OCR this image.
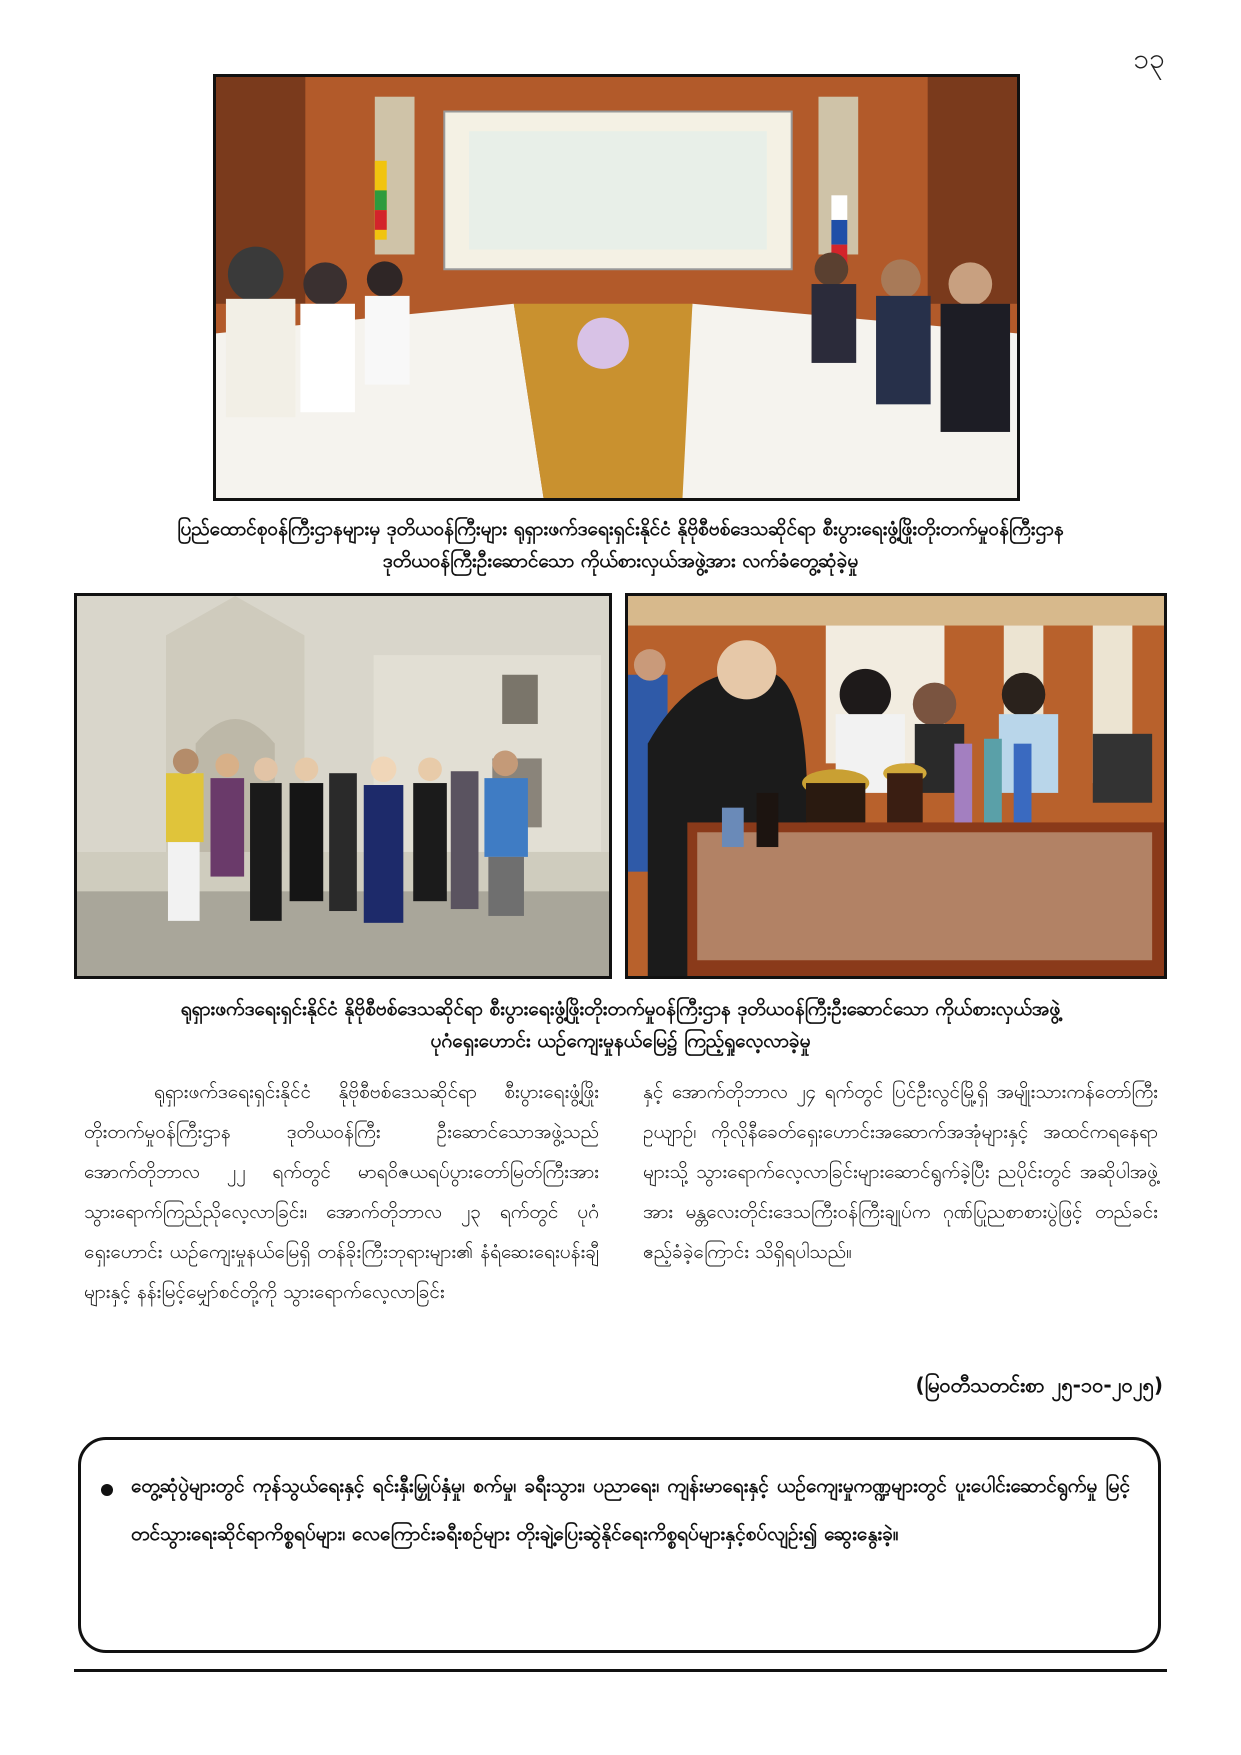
၁၃
ပြည်ထောင်စုဝန်ကြီးဌာနများမှ ဒုတိယဝန်ကြီးများ ရုရှားဖက်ဒရေးရှင်းနိုင်ငံ နိုဗိုစီဗစ်ဒေသဆိုင်ရာ စီးပွားရေးဖွံ့ဖြိုးတိုးတက်မှုဝန်ကြီးဌာန
ဒုတိယဝန်ကြီးဦးဆောင်သော ကိုယ်စားလှယ်အဖွဲ့အား လက်ခံတွေ့ဆုံခဲ့မှု
ရုရှားဖက်ဒရေးရှင်းနိုင်ငံ နိုဗိုစီဗစ်ဒေသဆိုင်ရာ စီးပွားရေးဖွံ့ဖြိုးတိုးတက်မှုဝန်ကြီးဌာန ဒုတိယဝန်ကြီးဦးဆောင်သော ကိုယ်စားလှယ်အဖွဲ့
ပုဂံရှေးဟောင်း ယဉ်ကျေးမှုနယ်မြေ၌ ကြည့်ရှုလေ့လာခဲ့မှု
ရုရှားဖက်ဒရေးရှင်းနိုင်ငံ နိုဗိုစီဗစ်ဒေသဆိုင်ရာ စီးပွားရေးဖွံ့ဖြိုးတိုးတက်မှုဝန်ကြီးဌာန ဒုတိယဝန်ကြီး ဦးဆောင်သောအဖွဲ့သည် အောက်တိုဘာလ ၂၂ ရက်တွင် မာရဝိဇယရပ်ပွားတော်မြတ်ကြီးအား သွားရောက်ကြည်ညိုလေ့လာခြင်း၊ အောက်တိုဘာလ ၂၃ ရက်တွင် ပုဂံရှေးဟောင်း ယဉ်ကျေးမှုနယ်မြေရှိ တန်ခိုးကြီးဘုရားများ၏ နံရံဆေးရေးပန်းချီများနှင့် နန်းမြင့်မျှော်စင်တို့ကို သွားရောက်လေ့လာခြင်း
နှင့် အောက်တိုဘာလ ၂၄ ရက်တွင် ပြင်ဦးလွင်မြို့ရှိ အမျိုးသားကန်တော်ကြီးဥယျာဉ်၊ ကိုလိုနီခေတ်ရှေးဟောင်းအဆောက်အအုံများနှင့် အထင်ကရနေရာများသို့ သွားရောက်လေ့လာခြင်းများဆောင်ရွက်ခဲ့ပြီး ညပိုင်းတွင် အဆိုပါအဖွဲ့အား မန္တလေးတိုင်းဒေသကြီးဝန်ကြီးချုပ်က ဂုဏ်ပြုညစာစားပွဲဖြင့် တည်ခင်းဧည့်ခံခဲ့ကြောင်း သိရှိရပါသည်။
(မြဝတီသတင်းစာ ၂၅-၁၀-၂၀၂၅)
တွေ့ဆုံပွဲများတွင် ကုန်သွယ်ရေးနှင့် ရင်းနှီးမြှုပ်နှံမှု၊ စက်မှု၊ ခရီးသွား၊ ပညာရေး၊ ကျန်းမာရေးနှင့် ယဉ်ကျေးမှုကဏ္ဍများတွင် ပူးပေါင်းဆောင်ရွက်မှု မြင့်တင်သွားရေးဆိုင်ရာကိစ္စရပ်များ၊ လေကြောင်းခရီးစဉ်များ တိုးချဲ့ပြေးဆွဲနိုင်ရေးကိစ္စရပ်များနှင့်စပ်လျဉ်း၍ ဆွေးနွေးခဲ့။
